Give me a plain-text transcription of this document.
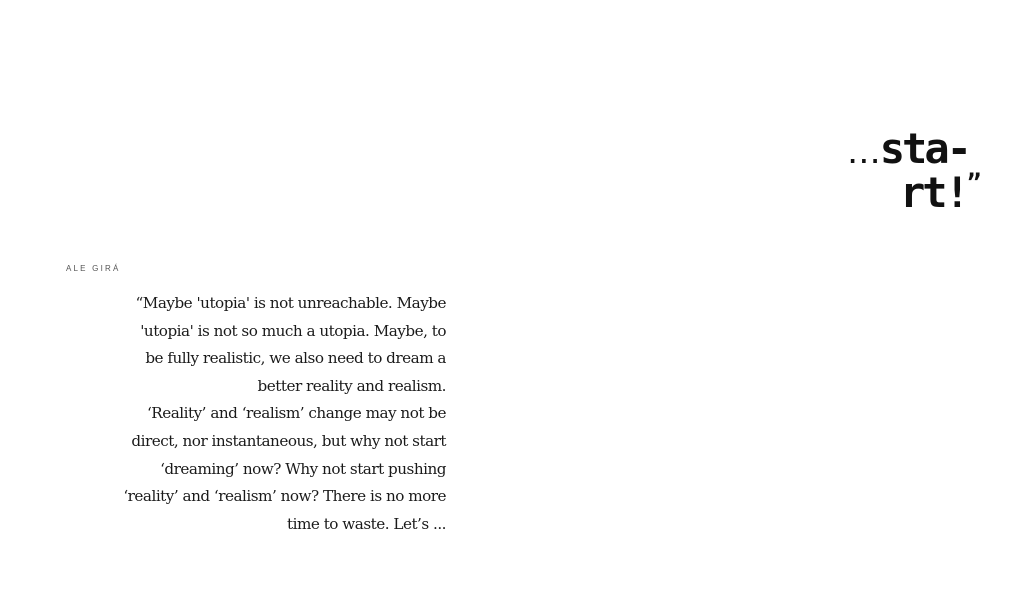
ALE GIRÁ
“Maybe 'utopia' is not unreachable. Maybe
'utopia' is not so much a utopia. Maybe, to
be fully realistic, we also need to dream a
better reality and realism.
‘Reality’ and ‘realism’ change may not be
direct, nor instantaneous, but why not start
‘dreaming’ now? Why not start pushing
‘reality’ and ‘realism’ now? There is no more
time to waste. Let’s ...
...sta-
rt!”
